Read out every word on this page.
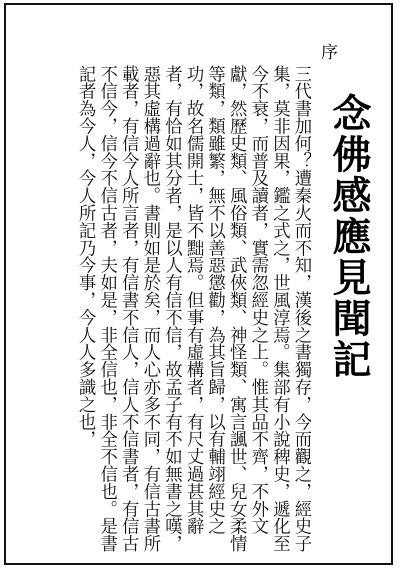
念佛感應見聞記
序

三代書加何？遭秦火而不知，漢後之書獨存，今而觀之，經史子集，莫非因果，鑑之式之，世風淳焉。集部有小說稗史，遞化至今不衰，而普及讀者，實需忽經史之上。惟其品不齊，不外文獻，然歷史類、風俗類、武俠類、神怪類、寓言諷世、兒女柔情等類，類雖繁，無不以善惡懲勸，為其旨歸，以有輔翊經史之功，故名儒開士，皆不黜焉。但事有虛構者，有尺丈過甚其辭者，有恰如其分者，是以人有信不信，故孟子有不如無書之嘆，惡其虛構過辭也。書則如是於矣，而人心亦多不同，有信古書所載者，有信今人所言者，有信書不信人，信人不信書者，有信古不信今，信今不信古者，夫如是，非全信也，非全不信也。是書記者為今人，今人所記乃今事，今人人多識之也，
